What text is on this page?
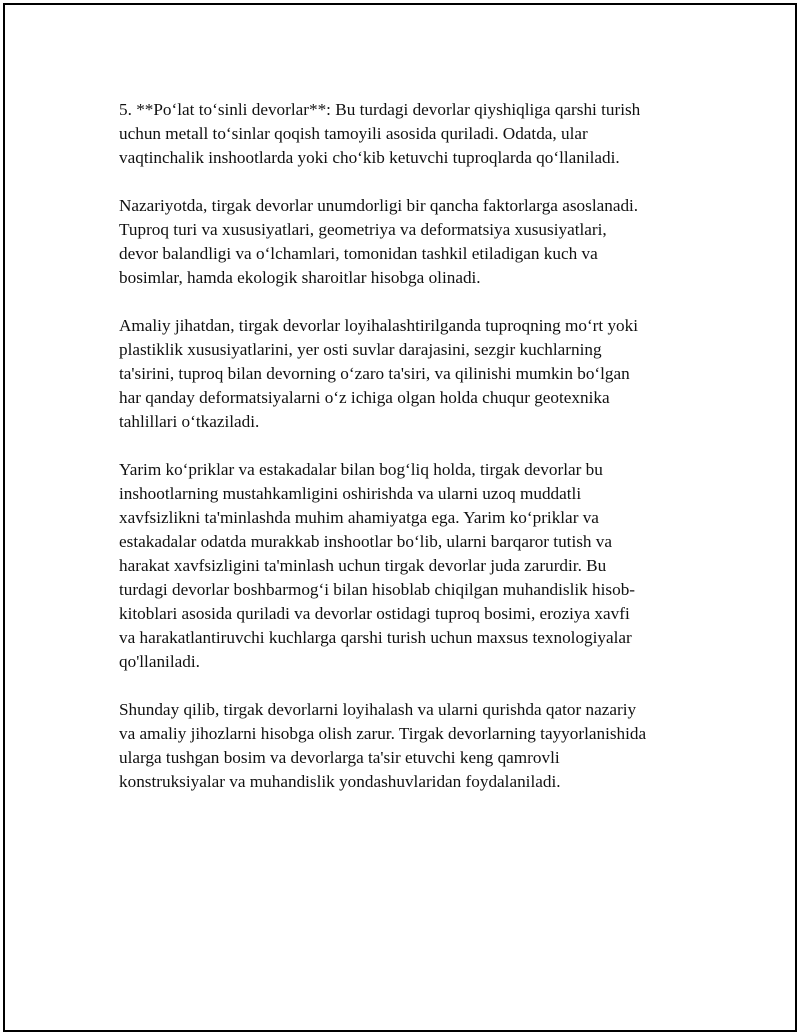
5. **Poʻlat toʻsinli devorlar**: Bu turdagi devorlar qiyshiqligа qarshi turish
uchun metall toʻsinlar qoqish tamoyili asosida quriladi. Odatda, ular
vaqtinchalik inshootlarda yoki choʻkib ketuvchi tuproqlarda qoʻllaniladi.

Nazariyotda, tirgak devorlar unumdorligi bir qancha faktorlarga asoslanadi.
Tuproq turi va xususiyatlari, geometriya va deformatsiya xususiyatlari,
devor balandligi va oʻlchamlari, tomonidan tashkil etiladigan kuch va
bosimlar, hamda ekologik sharoitlar hisobga olinadi.

Amaliy jihatdan, tirgak devorlar loyihalashtirilganda tuproqning moʻrt yoki
plastiklik xususiyatlarini, yer osti suvlar darajasini, sezgir kuchlarning
ta'sirini, tuproq bilan devorning oʻzaro ta'siri, va qilinishi mumkin boʻlgan
har qanday deformatsiyalarni oʻz ichiga olgan holda chuqur geotexnika
tahlillari oʻtkaziladi.

Yarim koʻpriklar va estakadalar bilan bogʻliq holda, tirgak devorlar bu
inshootlarning mustahkamligini oshirishda va ularni uzoq muddatli
xavfsizlikni ta'minlashda muhim ahamiyatga ega. Yarim koʻpriklar va
estakadalar odatda murakkab inshootlar boʻlib, ularni barqaror tutish va
harakat xavfsizligini ta'minlash uchun tirgak devorlar juda zarurdir. Bu
turdagi devorlar boshbarmogʻi bilan hisoblab chiqilgan muhandislik hisob-
kitoblari asosida quriladi va devorlar ostidagi tuproq bosimi, eroziya xavfi
va harakatlantiruvchi kuchlarga qarshi turish uchun maxsus texnologiyalar
qo'llaniladi.

Shunday qilib, tirgak devorlarni loyihalash va ularni qurishda qator nazariy
va amaliy jihozlarni hisobga olish zarur. Tirgak devorlarning tayyorlanishida
ularga tushgan bosim va devorlarga ta'sir etuvchi keng qamrovli
konstruksiyalar va muhandislik yondashuvlaridan foydalaniladi.
